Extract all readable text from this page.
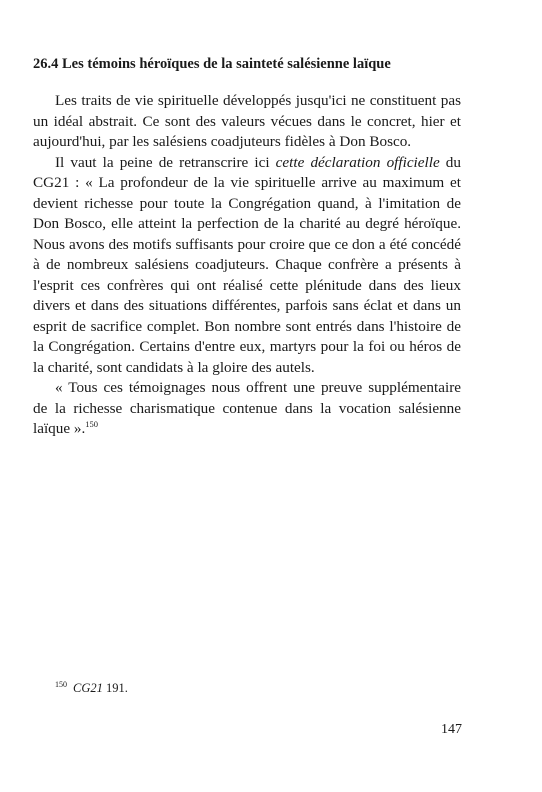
26.4 Les témoins héroïques de la sainteté salésienne laïque

Les traits de vie spirituelle développés jusqu'ici ne constituent pas un idéal abstrait. Ce sont des valeurs vécues dans le concret, hier et aujourd'hui, par les salésiens coadjuteurs fidèles à Don Bosco.

Il vaut la peine de retranscrire ici cette déclaration officielle du CG21 : « La profondeur de la vie spirituelle arrive au maximum et devient richesse pour toute la Congrégation quand, à l'imitation de Don Bosco, elle atteint la perfection de la charité au degré héroïque. Nous avons des motifs suffisants pour croire que ce don a été concédé à de nombreux salésiens coadjuteurs. Chaque confrère a présents à l'esprit ces confrères qui ont réalisé cette plénitude dans des lieux divers et dans des situations différentes, parfois sans éclat et dans un esprit de sacrifice complet. Bon nombre sont entrés dans l'histoire de la Congrégation. Certains d'entre eux, martyrs pour la foi ou héros de la charité, sont candidats à la gloire des autels.

« Tous ces témoignages nous offrent une preuve supplémentaire de la richesse charismatique contenue dans la vocation salésienne laïque ».$^{150}$

$^{150}$ CG21 191.
147
